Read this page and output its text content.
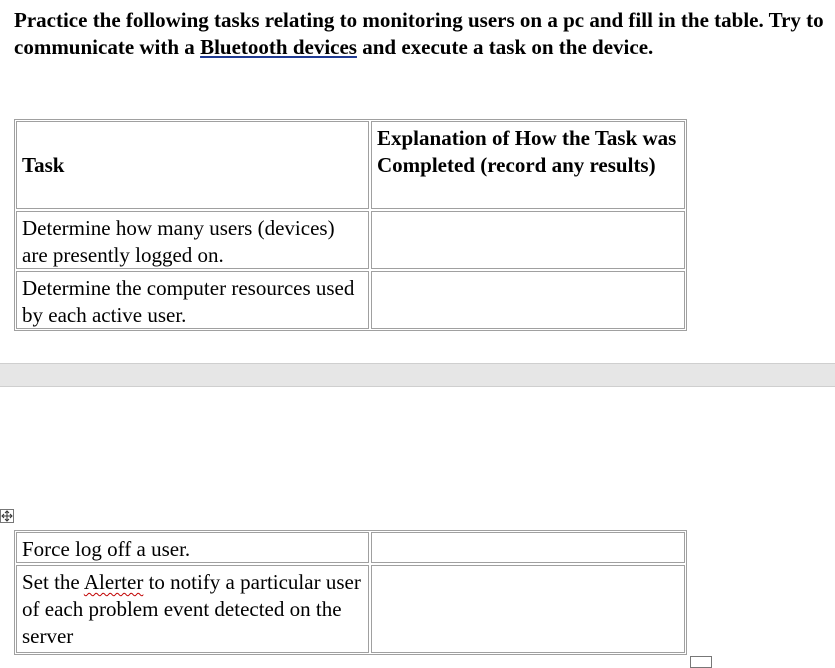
Practice the following tasks relating to monitoring users on a pc and fill in the table. Try to communicate with a Bluetooth devices and execute a task on the device.

Task
Explanation of How the Task was Completed (record any results)
Determine how many users (devices) are presently logged on.
Determine the computer resources used by each active user.
Force log off a user.
Set the Alerter to notify a particular user of each problem event detected on the server
